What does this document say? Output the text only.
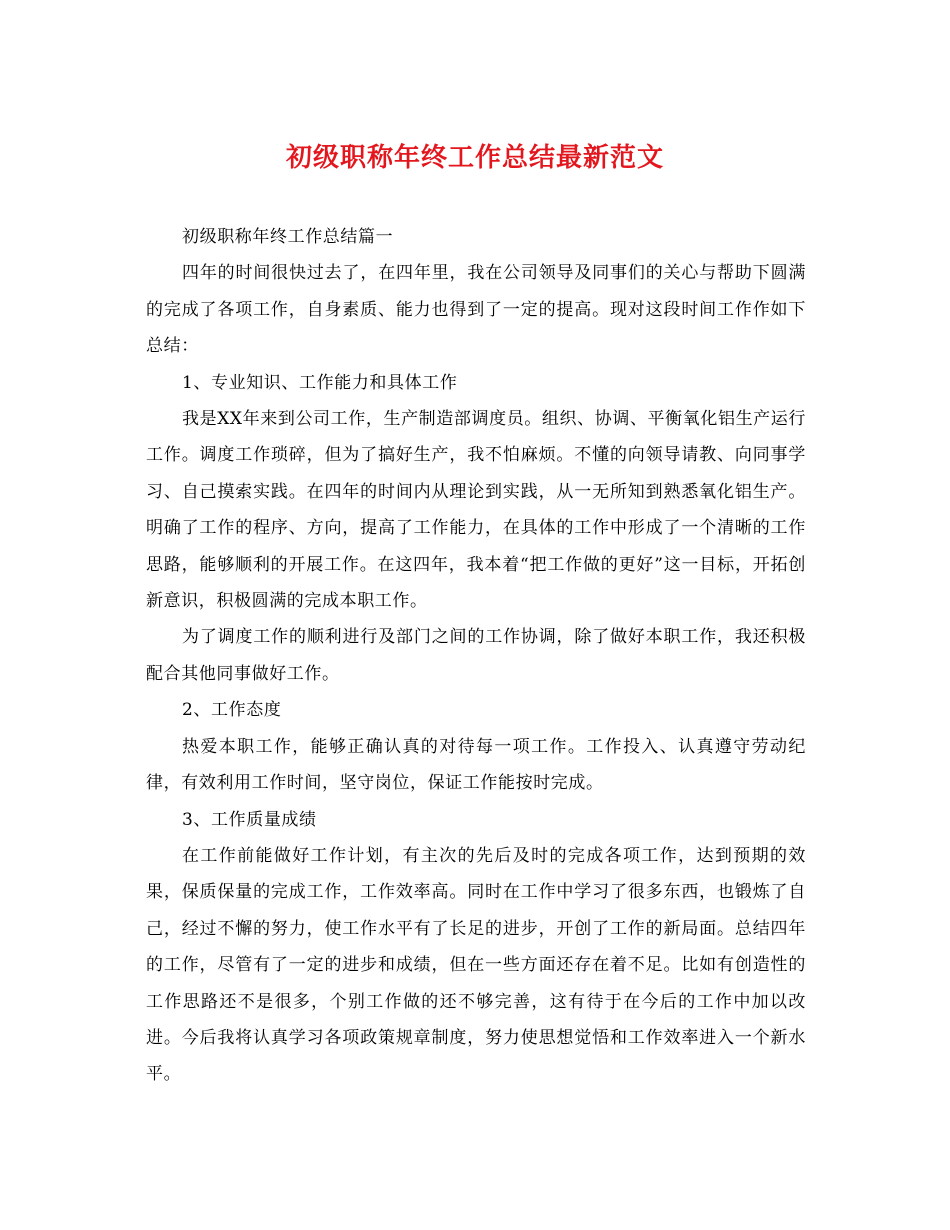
初级职称年终工作总结最新范文

初级职称年终工作总结篇一

四年的时间很快过去了，在四年里，我在公司领导及同事们的关心与帮助下圆满的完成了各项工作，自身素质、能力也得到了一定的提高。现对这段时间工作作如下总结：

1、专业知识、工作能力和具体工作

我是XX年来到公司工作，生产制造部调度员。组织、协调、平衡氧化铝生产运行工作。调度工作琐碎，但为了搞好生产，我不怕麻烦。不懂的向领导请教、向同事学习、自己摸索实践。在四年的时间内从理论到实践，从一无所知到熟悉氧化铝生产。明确了工作的程序、方向，提高了工作能力，在具体的工作中形成了一个清晰的工作思路，能够顺利的开展工作。在这四年，我本着“把工作做的更好”这一目标，开拓创新意识，积极圆满的完成本职工作。

为了调度工作的顺利进行及部门之间的工作协调，除了做好本职工作，我还积极配合其他同事做好工作。

2、工作态度

热爱本职工作，能够正确认真的对待每一项工作。工作投入、认真遵守劳动纪律，有效利用工作时间，坚守岗位，保证工作能按时完成。

3、工作质量成绩

在工作前能做好工作计划，有主次的先后及时的完成各项工作，达到预期的效果，保质保量的完成工作，工作效率高。同时在工作中学习了很多东西，也锻炼了自己，经过不懈的努力，使工作水平有了长足的进步，开创了工作的新局面。总结四年的工作，尽管有了一定的进步和成绩，但在一些方面还存在着不足。比如有创造性的工作思路还不是很多，个别工作做的还不够完善，这有待于在今后的工作中加以改进。今后我将认真学习各项政策规章制度，努力使思想觉悟和工作效率进入一个新水平。
